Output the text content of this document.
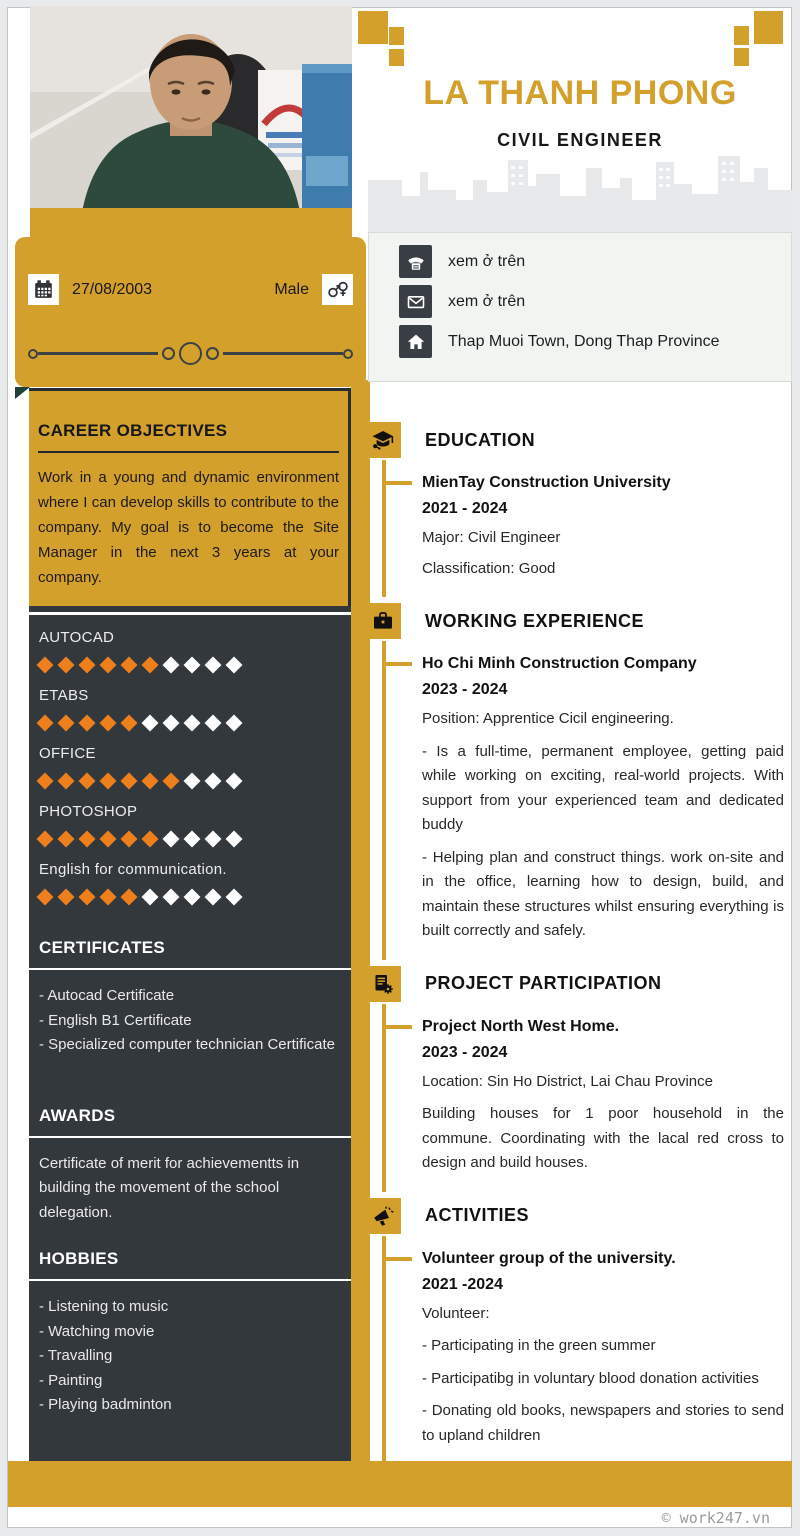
27/08/2003	Male
CAREER OBJECTIVES

Work in a young and dynamic environment where I can develop skills to contribute to the company. My goal is to become the Site Manager in the next 3 years at your company.

AUTOCAD
ETABS
OFFICE
PHOTOSHOP
English for communication.
CERTIFICATES

- Autocad Certificate

- English B1 Certificate

- Specialized computer technician Certificate

AWARDS

Certificate of merit for achievementts in building the movement of the school delegation.

HOBBIES

- Listening to music

- Watching movie

- Travalling

- Painting

- Playing badminton

© work247.vn
LA THANH PHONG
CIVIL ENGINEER
xem ở trên
xem ở trên
Thap Muoi Town, Dong Thap Province
EDUCATION
MienTay Construction University
2021 - 2024

Major: Civil Engineer

Classification: Good

WORKING EXPERIENCE
Ho Chi Minh Construction Company
2023 - 2024

Position: Apprentice Cicil engineering.

- Is a full-time, permanent employee, getting paid while working on exciting, real-world projects. With support from your experienced team and dedicated buddy

- Helping plan and construct things. work on-site and in the office, learning how to design, build, and maintain these structures whilst ensuring everything is built correctly and safely.

PROJECT PARTICIPATION
Project North West Home.
2023 - 2024

Location: Sin Ho District, Lai Chau Province

Building houses for 1 poor household in the commune. Coordinating with the lacal red cross to design and build houses.

ACTIVITIES
Volunteer group of the university.
2021 -2024

Volunteer:

- Participating in the green summer

- Participatibg in voluntary blood donation activities

- Donating old books, newspapers and stories to send to upland children
